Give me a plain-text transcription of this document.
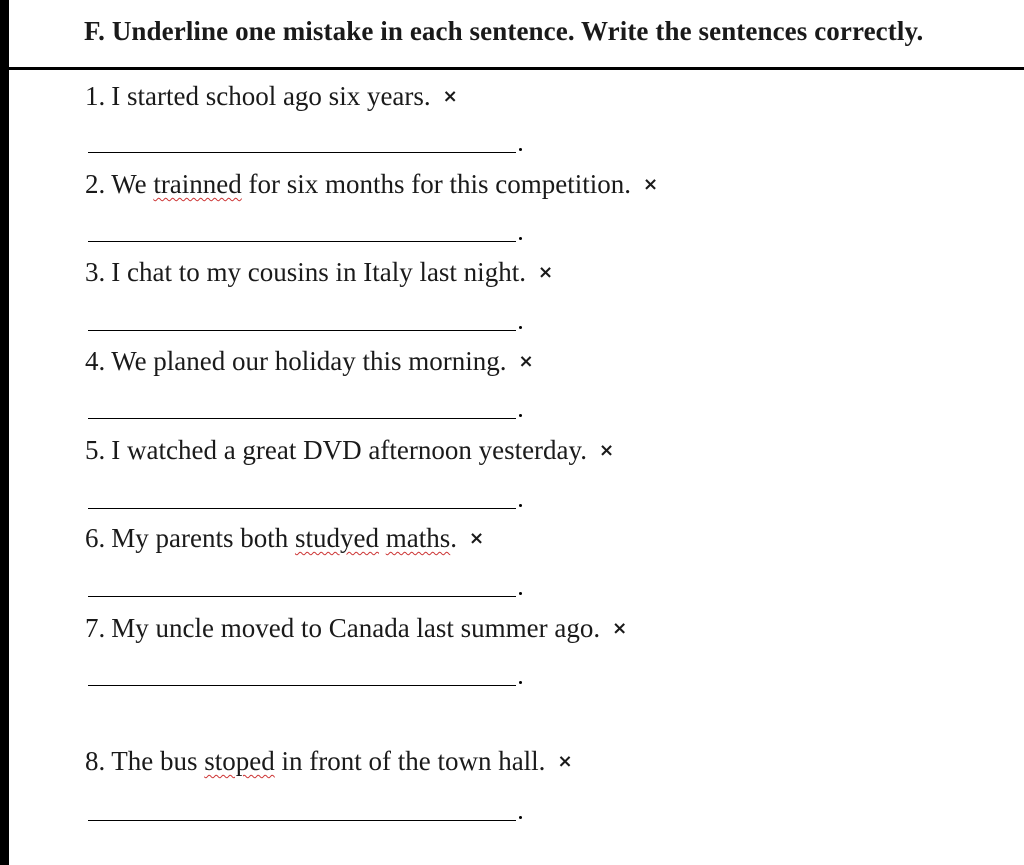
F. Underline one mistake in each sentence. Write the sentences correctly.
1. I started school ago six years. ×
2. We trainned for six months for this competition. ×
3. I chat to my cousins in Italy last night. ×
4. We planed our holiday this morning. ×
5. I watched a great DVD afternoon yesterday. ×
6. My parents both studyed maths. ×
7. My uncle moved to Canada last summer ago. ×
8. The bus stoped in front of the town hall. ×
